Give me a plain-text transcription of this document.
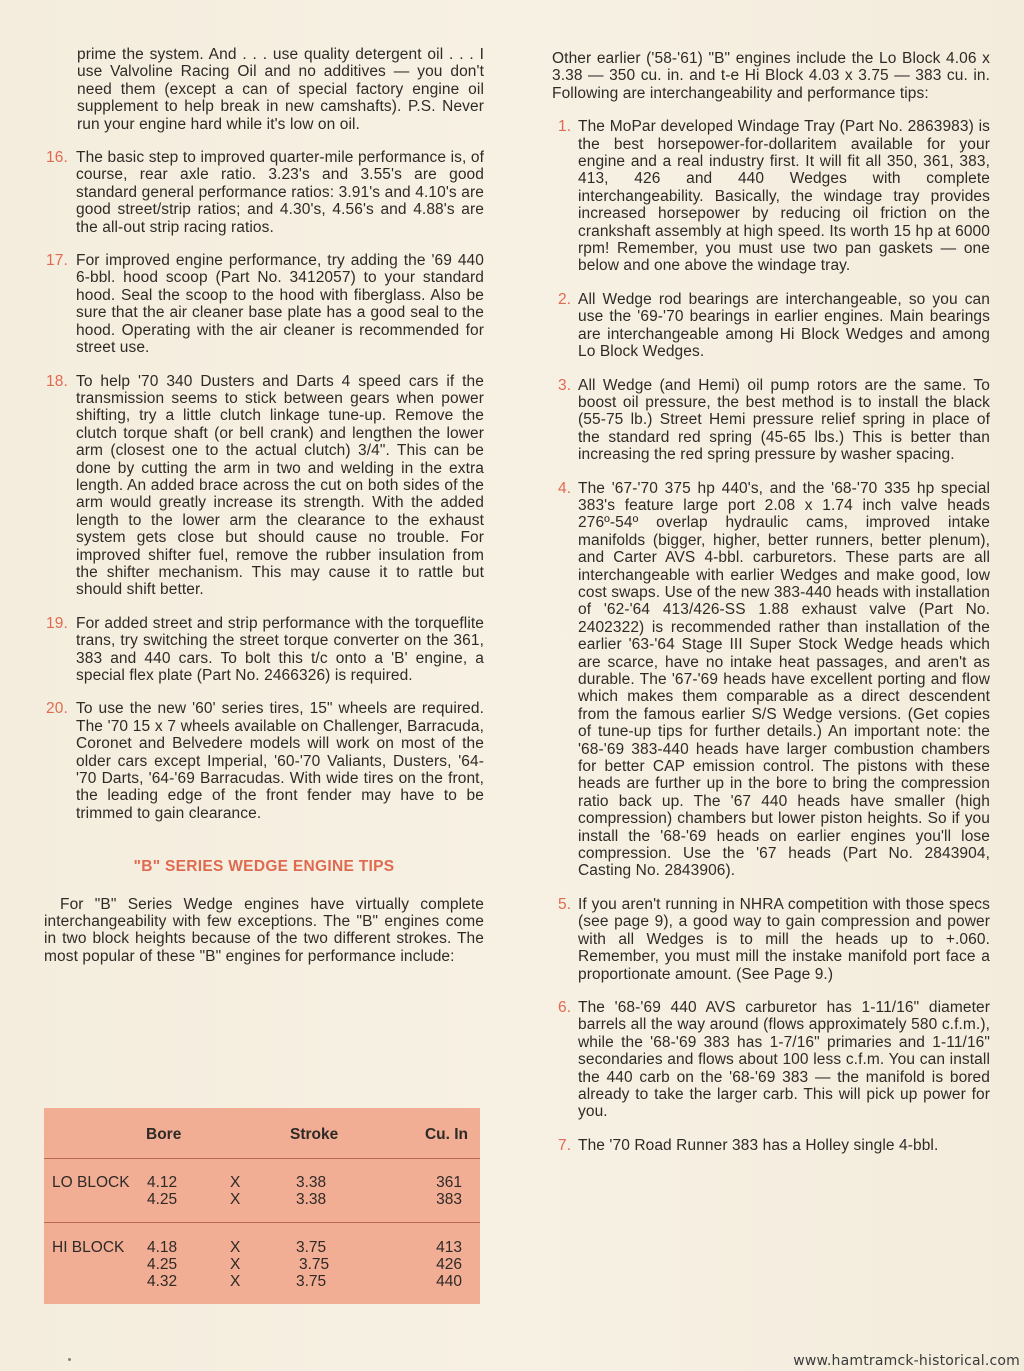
prime the system. And . . . use quality detergent oil . . . I use Valvoline Racing Oil and no additives — you don't need them (except a can of special factory engine oil supplement to help break in new camshafts). P.S. Never run your engine hard while it's low on oil.

16. The basic step to improved quarter-mile performance is, of course, rear axle ratio. 3.23's and 3.55's are good standard general performance ratios: 3.91's and 4.10's are good street/strip ratios; and 4.30's, 4.56's and 4.88's are the all-out strip racing ratios.
17. For improved engine performance, try adding the '69 440 6-bbl. hood scoop (Part No. 3412057) to your standard hood. Seal the scoop to the hood with fiberglass. Also be sure that the air cleaner base plate has a good seal to the hood. Operating with the air cleaner is recommended for street use.
18. To help '70 340 Dusters and Darts 4 speed cars if the transmission seems to stick between gears when power shifting, try a little clutch linkage tune-up. Remove the clutch torque shaft (or bell crank) and lengthen the lower arm (closest one to the actual clutch) 3/4". This can be done by cutting the arm in two and welding in the extra length. An added brace across the cut on both sides of the arm would greatly increase its strength. With the added length to the lower arm the clearance to the exhaust system gets close but should cause no trouble. For improved shifter fuel, remove the rubber insulation from the shifter mechanism. This may cause it to rattle but should shift better.
19. For added street and strip performance with the torqueflite trans, try switching the street torque converter on the 361, 383 and 440 cars. To bolt this t/c onto a 'B' engine, a special flex plate (Part No. 2466326) is required.
20. To use the new '60' series tires, 15" wheels are required. The '70 15 x 7 wheels available on Challenger, Barracuda, Coronet and Belvedere models will work on most of the older cars except Imperial, '60-'70 Valiants, Dusters, '64-'70 Darts, '64-'69 Barracudas. With wide tires on the front, the leading edge of the front fender may have to be trimmed to gain clearance.
"B" SERIES WEDGE ENGINE TIPS

For "B" Series Wedge engines have virtually complete interchangeability with few exceptions. The "B" engines come in two block heights because of the two different strokes. The most popular of these "B" engines for performance include:

Bore	Stroke	Cu. In
LO BLOCK 4.12	X	3.38	361
4.25	X	3.38	383
HI BLOCK 4.18	X	3.75	413
4.25	X	3.75	426
4.32	X	3.75	440

Other earlier ('58-'61) "B" engines include the Lo Block 4.06 x 3.38 — 350 cu. in. and t-e Hi Block 4.03 x 3.75 — 383 cu. in. Following are interchangeability and performance tips:

1. The MoPar developed Windage Tray (Part No. 2863983) is the best horsepower-for-dollaritem available for your engine and a real industry first. It will fit all 350, 361, 383, 413, 426 and 440 Wedges with complete interchangeability. Basically, the windage tray provides increased horsepower by reducing oil friction on the crankshaft assembly at high speed. Its worth 15 hp at 6000 rpm! Remember, you must use two pan gaskets — one below and one above the windage tray.
2. All Wedge rod bearings are interchangeable, so you can use the '69-'70 bearings in earlier engines. Main bearings are interchangeable among Hi Block Wedges and among Lo Block Wedges.
3. All Wedge (and Hemi) oil pump rotors are the same. To boost oil pressure, the best method is to install the black (55-75 lb.) Street Hemi pressure relief spring in place of the standard red spring (45-65 lbs.) This is better than increasing the red spring pressure by washer spacing.
4. The '67-'70 375 hp 440's, and the '68-'70 335 hp special 383's feature large port 2.08 x 1.74 inch valve heads 276º-54º overlap hydraulic cams, improved intake manifolds (bigger, higher, better runners, better plenum), and Carter AVS 4-bbl. carburetors. These parts are all interchangeable with earlier Wedges and make good, low cost swaps. Use of the new 383-440 heads with installation of '62-'64 413/426-SS 1.88 exhaust valve (Part No. 2402322) is recommended rather than installation of the earlier '63-'64 Stage III Super Stock Wedge heads which are scarce, have no intake heat passages, and aren't as durable. The '67-'69 heads have excellent porting and flow which makes them comparable as a direct descendent from the famous earlier S/S Wedge versions. (Get copies of tune-up tips for further details.) An important note: the '68-'69 383-440 heads have larger combustion chambers for better CAP emission control. The pistons with these heads are further up in the bore to bring the compression ratio back up. The '67 440 heads have smaller (high compression) chambers but lower piston heights. So if you install the '68-'69 heads on earlier engines you'll lose compression. Use the '67 heads (Part No. 2843904, Casting No. 2843906).
5. If you aren't running in NHRA competition with those specs (see page 9), a good way to gain compression and power with all Wedges is to mill the heads up to +.060. Remember, you must mill the instake manifold port face a proportionate amount. (See Page 9.)
6. The '68-'69 440 AVS carburetor has 1-11/16" diameter barrels all the way around (flows approximately 580 c.f.m.), while the '68-'69 383 has 1-7/16" primaries and 1-11/16" secondaries and flows about 100 less c.f.m. You can install the 440 carb on the '68-'69 383 — the manifold is bored already to take the larger carb. This will pick up power for you.
7. The '70 Road Runner 383 has a Holley single 4-bbl.
www.hamtramck-historical.com
